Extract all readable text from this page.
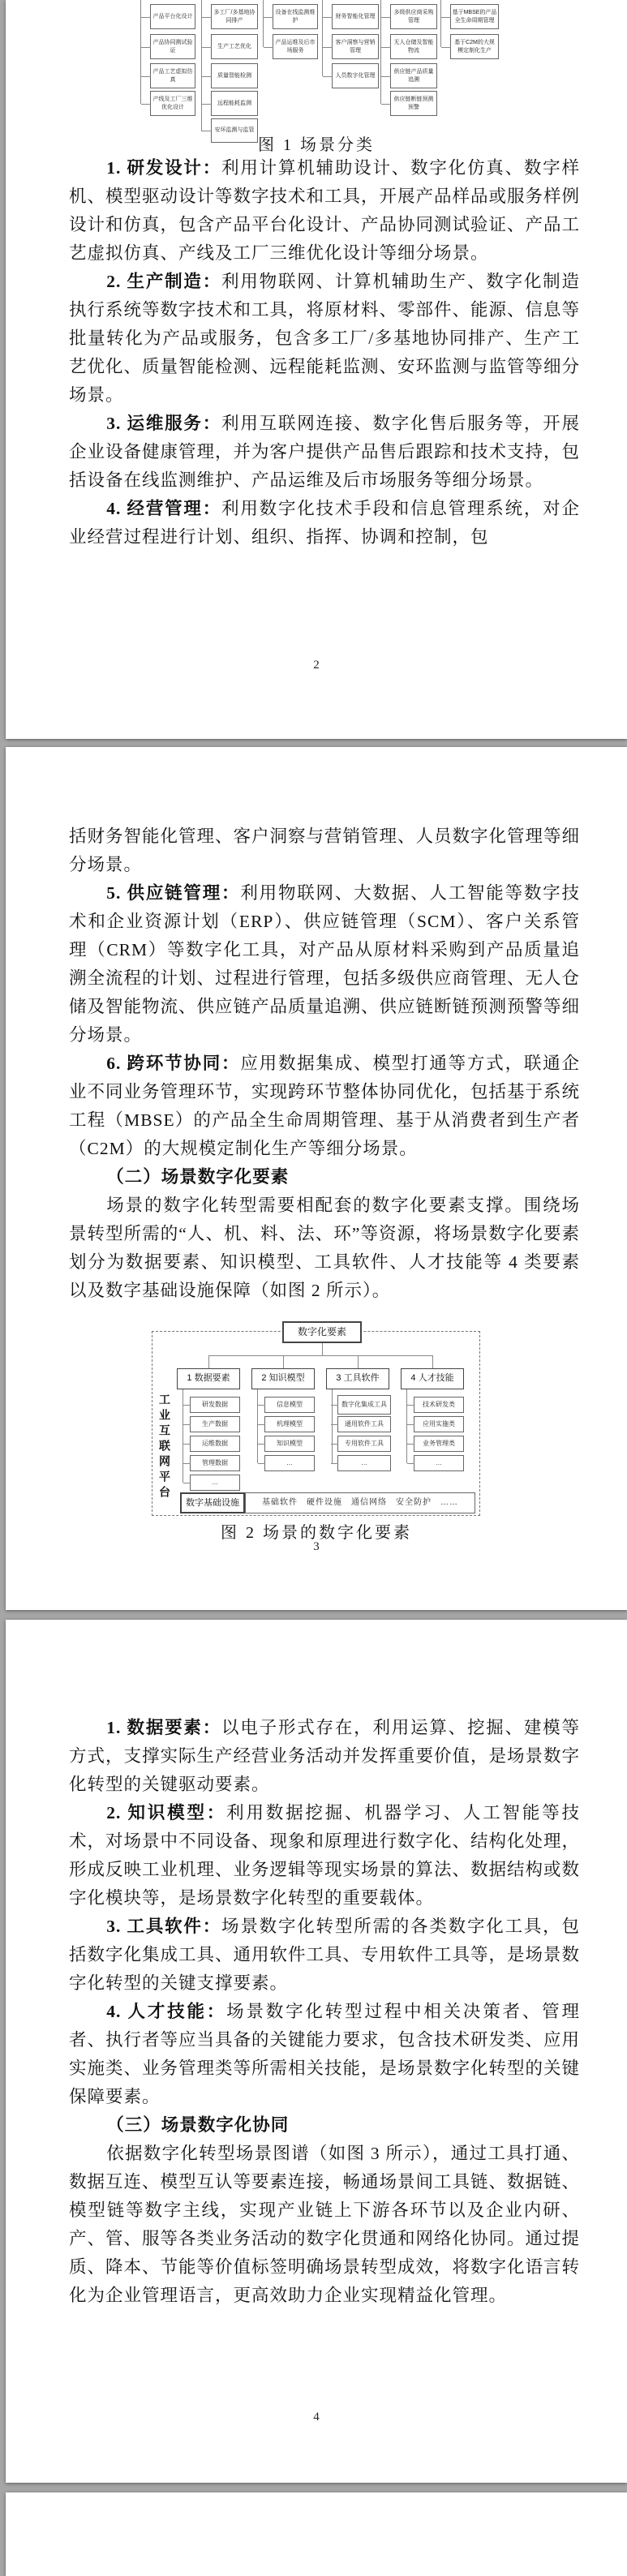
产品平台化设计
产品协同测试验证
产品工艺虚拟仿真
产线及工厂三维优化设计
多工厂/多基地协同排产
生产工艺优化
质量智能检测
远程能耗监测
安环监测与监管
设备在线监测维护
产品运维及后市场服务
财务智能化管理
客户洞察与营销管理
人员数字化管理
多级供应商采购管理
无人仓储及智能物流
供应链产品质量追溯
供应链断链预测预警
基于MBSE的产品全生命周期管理
基于C2M的大规模定制化生产
图 1 场景分类

1. 研发设计：利用计算机辅助设计、数字化仿真、数字样机、模型驱动设计等数字技术和工具，开展产品样品或服务样例设计和仿真，包含产品平台化设计、产品协同测试验证、产品工艺虚拟仿真、产线及工厂三维优化设计等细分场景。

2. 生产制造：利用物联网、计算机辅助生产、数字化制造执行系统等数字技术和工具，将原材料、零部件、能源、信息等批量转化为产品或服务，包含多工厂/多基地协同排产、生产工艺优化、质量智能检测、远程能耗监测、安环监测与监管等细分场景。

3. 运维服务：利用互联网连接、数字化售后服务等，开展企业设备健康管理，并为客户提供产品售后跟踪和技术支持，包括设备在线监测维护、产品运维及后市场服务等细分场景。

4. 经营管理：利用数字化技术手段和信息管理系统，对企业经营过程进行计划、组织、指挥、协调和控制，包

2

括财务智能化管理、客户洞察与营销管理、人员数字化管理等细分场景。

5. 供应链管理：利用物联网、大数据、人工智能等数字技术和企业资源计划（ERP）、供应链管理（SCM）、客户关系管理（CRM）等数字化工具，对产品从原材料采购到产品质量追溯全流程的计划、过程进行管理，包括多级供应商管理、无人仓储及智能物流、供应链产品质量追溯、供应链断链预测预警等细分场景。

6. 跨环节协同：应用数据集成、模型打通等方式，联通企业不同业务管理环节，实现跨环节整体协同优化，包括基于系统工程（MBSE）的产品全生命周期管理、基于从消费者到生产者（C2M）的大规模定制化生产等细分场景。

（二）场景数字化要素

场景的数字化转型需要相配套的数字化要素支撑。围绕场景转型所需的“人、机、料、法、环”等资源，将场景数字化要素划分为数据要素、知识模型、工具软件、人才技能等 4 类要素以及数字基础设施保障（如图 2 所示）。

数字化要素
工业互联网平台
1 数据要素	2 知识模型	3 工具软件	4 人才技能
研发数据
生产数据
运维数据
管理数据
…
信息模型
机理模型
知识模型
…
数字化集成工具
通用软件工具
专用软件工具
…
技术研发类
应用实施类
业务管理类
…
数字基础设施	基础软件　硬件设施　通信网络　安全防护　……
图 2 场景的数字化要素
3

1. 数据要素：以电子形式存在，利用运算、挖掘、建模等方式，支撑实际生产经营业务活动并发挥重要价值，是场景数字化转型的关键驱动要素。

2. 知识模型：利用数据挖掘、机器学习、人工智能等技术，对场景中不同设备、现象和原理进行数字化、结构化处理，形成反映工业机理、业务逻辑等现实场景的算法、数据结构或数字化模块等，是场景数字化转型的重要载体。

3. 工具软件：场景数字化转型所需的各类数字化工具，包括数字化集成工具、通用软件工具、专用软件工具等，是场景数字化转型的关键支撑要素。

4. 人才技能：场景数字化转型过程中相关决策者、管理者、执行者等应当具备的关键能力要求，包含技术研发类、应用实施类、业务管理类等所需相关技能，是场景数字化转型的关键保障要素。

（三）场景数字化协同

依据数字化转型场景图谱（如图 3 所示），通过工具打通、数据互连、模型互认等要素连接，畅通场景间工具链、数据链、模型链等数字主线，实现产业链上下游各环节以及企业内研、产、管、服等各类业务活动的数字化贯通和网络化协同。通过提质、降本、节能等价值标签明确场景转型成效，将数字化语言转化为企业管理语言，更高效助力企业实现精益化管理。

4
